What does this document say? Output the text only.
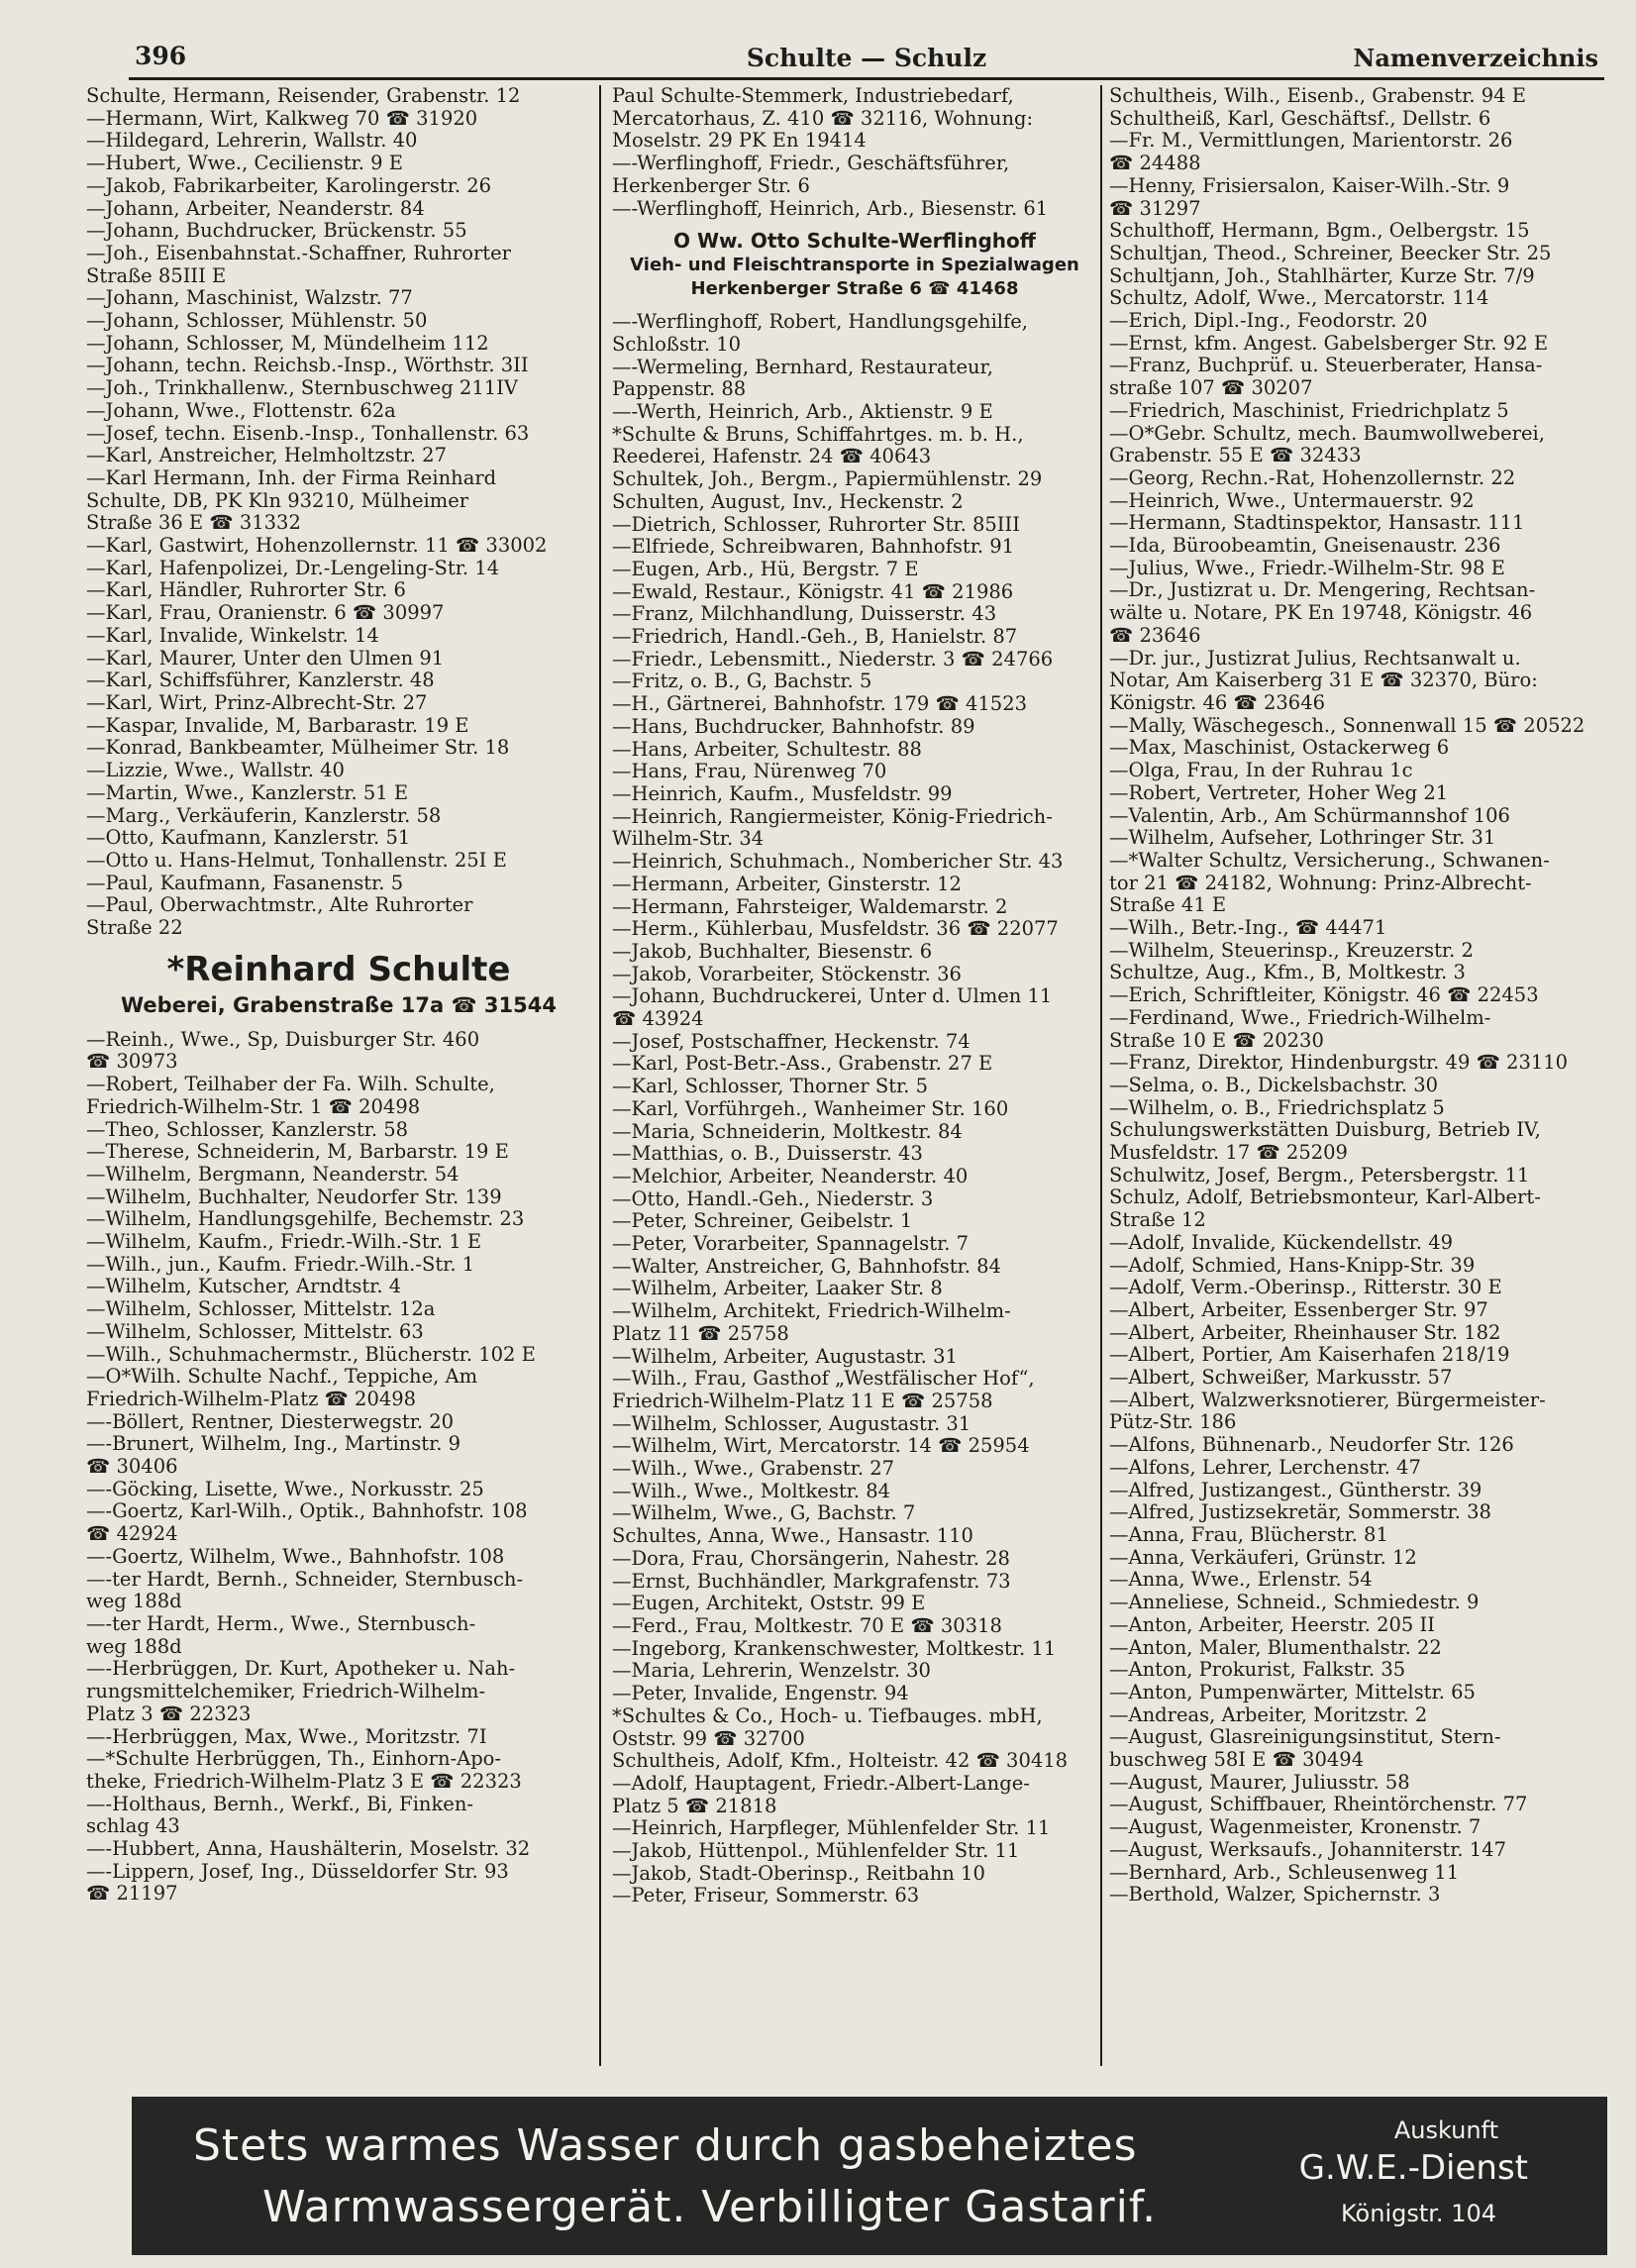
396	Schulte — Schulz	Namenverzeichnis
Schulte, Hermann, Reisender, Grabenstr. 12
—Hermann, Wirt, Kalkweg 70 ☎ 31920
—Hildegard, Lehrerin, Wallstr. 40
—Hubert, Wwe., Cecilienstr. 9 E
—Jakob, Fabrikarbeiter, Karolingerstr. 26
—Johann, Arbeiter, Neanderstr. 84
—Johann, Buchdrucker, Brückenstr. 55
—Joh., Eisenbahnstat.-Schaffner, Ruhrorter
Straße 85III E
—Johann, Maschinist, Walzstr. 77
—Johann, Schlosser, Mühlenstr. 50
—Johann, Schlosser, M, Mündelheim 112
—Johann, techn. Reichsb.-Insp., Wörthstr. 3II
—Joh., Trinkhallenw., Sternbuschweg 211IV
—Johann, Wwe., Flottenstr. 62a
—Josef, techn. Eisenb.-Insp., Tonhallenstr. 63
—Karl, Anstreicher, Helmholtzstr. 27
—Karl Hermann, Inh. der Firma Reinhard
Schulte, DB, PK Kln 93210, Mülheimer
Straße 36 E ☎ 31332
—Karl, Gastwirt, Hohenzollernstr. 11 ☎ 33002
—Karl, Hafenpolizei, Dr.-Lengeling-Str. 14
—Karl, Händler, Ruhrorter Str. 6
—Karl, Frau, Oranienstr. 6 ☎ 30997
—Karl, Invalide, Winkelstr. 14
—Karl, Maurer, Unter den Ulmen 91
—Karl, Schiffsführer, Kanzlerstr. 48
—Karl, Wirt, Prinz-Albrecht-Str. 27
—Kaspar, Invalide, M, Barbarastr. 19 E
—Konrad, Bankbeamter, Mülheimer Str. 18
—Lizzie, Wwe., Wallstr. 40
—Martin, Wwe., Kanzlerstr. 51 E
—Marg., Verkäuferin, Kanzlerstr. 58
—Otto, Kaufmann, Kanzlerstr. 51
—Otto u. Hans-Helmut, Tonhallenstr. 25I E
—Paul, Kaufmann, Fasanenstr. 5
—Paul, Oberwachtmstr., Alte Ruhrorter
Straße 22
*Reinhard Schulte
Weberei, Grabenstraße 17a ☎ 31544
—Reinh., Wwe., Sp, Duisburger Str. 460
☎ 30973
—Robert, Teilhaber der Fa. Wilh. Schulte,
Friedrich-Wilhelm-Str. 1 ☎ 20498
—Theo, Schlosser, Kanzlerstr. 58
—Therese, Schneiderin, M, Barbarstr. 19 E
—Wilhelm, Bergmann, Neanderstr. 54
—Wilhelm, Buchhalter, Neudorfer Str. 139
—Wilhelm, Handlungsgehilfe, Bechemstr. 23
—Wilhelm, Kaufm., Friedr.-Wilh.-Str. 1 E
—Wilh., jun., Kaufm. Friedr.-Wilh.-Str. 1
—Wilhelm, Kutscher, Arndtstr. 4
—Wilhelm, Schlosser, Mittelstr. 12a
—Wilhelm, Schlosser, Mittelstr. 63
—Wilh., Schuhmachermstr., Blücherstr. 102 E
—O*Wilh. Schulte Nachf., Teppiche, Am
Friedrich-Wilhelm-Platz ☎ 20498
—-Böllert, Rentner, Diesterwegstr. 20
—-Brunert, Wilhelm, Ing., Martinstr. 9
☎ 30406
—-Göcking, Lisette, Wwe., Norkusstr. 25
—-Goertz, Karl-Wilh., Optik., Bahnhofstr. 108
☎ 42924
—-Goertz, Wilhelm, Wwe., Bahnhofstr. 108
—-ter Hardt, Bernh., Schneider, Sternbusch-
weg 188d
—-ter Hardt, Herm., Wwe., Sternbusch-
weg 188d
—-Herbrüggen, Dr. Kurt, Apotheker u. Nah-
rungsmittelchemiker, Friedrich-Wilhelm-
Platz 3 ☎ 22323
—-Herbrüggen, Max, Wwe., Moritzstr. 7I
—*Schulte Herbrüggen, Th., Einhorn-Apo-
theke, Friedrich-Wilhelm-Platz 3 E ☎ 22323
—-Holthaus, Bernh., Werkf., Bi, Finken-
schlag 43
—-Hubbert, Anna, Haushälterin, Moselstr. 32
—-Lippern, Josef, Ing., Düsseldorfer Str. 93
☎ 21197
Paul Schulte-Stemmerk, Industriebedarf,
Mercatorhaus, Z. 410 ☎ 32116, Wohnung:
Moselstr. 29 PK En 19414
—-Werflinghoff, Friedr., Geschäftsführer,
Herkenberger Str. 6
—-Werflinghoff, Heinrich, Arb., Biesenstr. 61
O Ww. Otto Schulte-Werflinghoff
Vieh- und Fleischtransporte in Spezialwagen
Herkenberger Straße 6 ☎ 41468
—-Werflinghoff, Robert, Handlungsgehilfe,
Schloßstr. 10
—-Wermeling, Bernhard, Restaurateur,
Pappenstr. 88
—-Werth, Heinrich, Arb., Aktienstr. 9 E
*Schulte & Bruns, Schiffahrtges. m. b. H.,
Reederei, Hafenstr. 24 ☎ 40643
Schultek, Joh., Bergm., Papiermühlenstr. 29
Schulten, August, Inv., Heckenstr. 2
—Dietrich, Schlosser, Ruhrorter Str. 85III
—Elfriede, Schreibwaren, Bahnhofstr. 91
—Eugen, Arb., Hü, Bergstr. 7 E
—Ewald, Restaur., Königstr. 41 ☎ 21986
—Franz, Milchhandlung, Duisserstr. 43
—Friedrich, Handl.-Geh., B, Hanielstr. 87
—Friedr., Lebensmitt., Niederstr. 3 ☎ 24766
—Fritz, o. B., G, Bachstr. 5
—H., Gärtnerei, Bahnhofstr. 179 ☎ 41523
—Hans, Buchdrucker, Bahnhofstr. 89
—Hans, Arbeiter, Schultestr. 88
—Hans, Frau, Nürenweg 70
—Heinrich, Kaufm., Musfeldstr. 99
—Heinrich, Rangiermeister, König-Friedrich-
Wilhelm-Str. 34
—Heinrich, Schuhmach., Nombericher Str. 43
—Hermann, Arbeiter, Ginsterstr. 12
—Hermann, Fahrsteiger, Waldemarstr. 2
—Herm., Kühlerbau, Musfeldstr. 36 ☎ 22077
—Jakob, Buchhalter, Biesenstr. 6
—Jakob, Vorarbeiter, Stöckenstr. 36
—Johann, Buchdruckerei, Unter d. Ulmen 11
☎ 43924
—Josef, Postschaffner, Heckenstr. 74
—Karl, Post-Betr.-Ass., Grabenstr. 27 E
—Karl, Schlosser, Thorner Str. 5
—Karl, Vorführgeh., Wanheimer Str. 160
—Maria, Schneiderin, Moltkestr. 84
—Matthias, o. B., Duisserstr. 43
—Melchior, Arbeiter, Neanderstr. 40
—Otto, Handl.-Geh., Niederstr. 3
—Peter, Schreiner, Geibelstr. 1
—Peter, Vorarbeiter, Spannagelstr. 7
—Walter, Anstreicher, G, Bahnhofstr. 84
—Wilhelm, Arbeiter, Laaker Str. 8
—Wilhelm, Architekt, Friedrich-Wilhelm-
Platz 11 ☎ 25758
—Wilhelm, Arbeiter, Augustastr. 31
—Wilh., Frau, Gasthof „Westfälischer Hof“,
Friedrich-Wilhelm-Platz 11 E ☎ 25758
—Wilhelm, Schlosser, Augustastr. 31
—Wilhelm, Wirt, Mercatorstr. 14 ☎ 25954
—Wilh., Wwe., Grabenstr. 27
—Wilh., Wwe., Moltkestr. 84
—Wilhelm, Wwe., G, Bachstr. 7
Schultes, Anna, Wwe., Hansastr. 110
—Dora, Frau, Chorsängerin, Nahestr. 28
—Ernst, Buchhändler, Markgrafenstr. 73
—Eugen, Architekt, Oststr. 99 E
—Ferd., Frau, Moltkestr. 70 E ☎ 30318
—Ingeborg, Krankenschwester, Moltkestr. 11
—Maria, Lehrerin, Wenzelstr. 30
—Peter, Invalide, Engenstr. 94
*Schultes & Co., Hoch- u. Tiefbauges. mbH,
Oststr. 99 ☎ 32700
Schultheis, Adolf, Kfm., Holteistr. 42 ☎ 30418
—Adolf, Hauptagent, Friedr.-Albert-Lange-
Platz 5 ☎ 21818
—Heinrich, Harpfleger, Mühlenfelder Str. 11
—Jakob, Hüttenpol., Mühlenfelder Str. 11
—Jakob, Stadt-Oberinsp., Reitbahn 10
—Peter, Friseur, Sommerstr. 63
Schultheis, Wilh., Eisenb., Grabenstr. 94 E
Schultheiß, Karl, Geschäftsf., Dellstr. 6
—Fr. M., Vermittlungen, Marientorstr. 26
☎ 24488
—Henny, Frisiersalon, Kaiser-Wilh.-Str. 9
☎ 31297
Schulthoff, Hermann, Bgm., Oelbergstr. 15
Schultjan, Theod., Schreiner, Beecker Str. 25
Schultjann, Joh., Stahlhärter, Kurze Str. 7/9
Schultz, Adolf, Wwe., Mercatorstr. 114
—Erich, Dipl.-Ing., Feodorstr. 20
—Ernst, kfm. Angest. Gabelsberger Str. 92 E
—Franz, Buchprüf. u. Steuerberater, Hansa-
straße 107 ☎ 30207
—Friedrich, Maschinist, Friedrichplatz 5
—O*Gebr. Schultz, mech. Baumwollweberei,
Grabenstr. 55 E ☎ 32433
—Georg, Rechn.-Rat, Hohenzollernstr. 22
—Heinrich, Wwe., Untermauerstr. 92
—Hermann, Stadtinspektor, Hansastr. 111
—Ida, Büroobeamtin, Gneisenaustr. 236
—Julius, Wwe., Friedr.-Wilhelm-Str. 98 E
—Dr., Justizrat u. Dr. Mengering, Rechtsan-
wälte u. Notare, PK En 19748, Königstr. 46
☎ 23646
—Dr. jur., Justizrat Julius, Rechtsanwalt u.
Notar, Am Kaiserberg 31 E ☎ 32370, Büro:
Königstr. 46 ☎ 23646
—Mally, Wäschegesch., Sonnenwall 15 ☎ 20522
—Max, Maschinist, Ostackerweg 6
—Olga, Frau, In der Ruhrau 1c
—Robert, Vertreter, Hoher Weg 21
—Valentin, Arb., Am Schürmannshof 106
—Wilhelm, Aufseher, Lothringer Str. 31
—*Walter Schultz, Versicherung., Schwanen-
tor 21 ☎ 24182, Wohnung: Prinz-Albrecht-
Straße 41 E
—Wilh., Betr.-Ing., ☎ 44471
—Wilhelm, Steuerinsp., Kreuzerstr. 2
Schultze, Aug., Kfm., B, Moltkestr. 3
—Erich, Schriftleiter, Königstr. 46 ☎ 22453
—Ferdinand, Wwe., Friedrich-Wilhelm-
Straße 10 E ☎ 20230
—Franz, Direktor, Hindenburgstr. 49 ☎ 23110
—Selma, o. B., Dickelsbachstr. 30
—Wilhelm, o. B., Friedrichsplatz 5
Schulungswerkstätten Duisburg, Betrieb IV,
Musfeldstr. 17 ☎ 25209
Schulwitz, Josef, Bergm., Petersbergstr. 11
Schulz, Adolf, Betriebsmonteur, Karl-Albert-
Straße 12
—Adolf, Invalide, Kückendellstr. 49
—Adolf, Schmied, Hans-Knipp-Str. 39
—Adolf, Verm.-Oberinsp., Ritterstr. 30 E
—Albert, Arbeiter, Essenberger Str. 97
—Albert, Arbeiter, Rheinhauser Str. 182
—Albert, Portier, Am Kaiserhafen 218/19
—Albert, Schweißer, Markusstr. 57
—Albert, Walzwerksnotierer, Bürgermeister-
Pütz-Str. 186
—Alfons, Bühnenarb., Neudorfer Str. 126
—Alfons, Lehrer, Lerchenstr. 47
—Alfred, Justizangest., Güntherstr. 39
—Alfred, Justizsekretär, Sommerstr. 38
—Anna, Frau, Blücherstr. 81
—Anna, Verkäuferi, Grünstr. 12
—Anna, Wwe., Erlenstr. 54
—Anneliese, Schneid., Schmiedestr. 9
—Anton, Arbeiter, Heerstr. 205 II
—Anton, Maler, Blumenthalstr. 22
—Anton, Prokurist, Falkstr. 35
—Anton, Pumpenwärter, Mittelstr. 65
—Andreas, Arbeiter, Moritzstr. 2
—August, Glasreinigungsinstitut, Stern-
buschweg 58I E ☎ 30494
—August, Maurer, Juliusstr. 58
—August, Schiffbauer, Rheintörchenstr. 77
—August, Wagenmeister, Kronenstr. 7
—August, Werksaufs., Johanniterstr. 147
—Bernhard, Arb., Schleusenweg 11
—Berthold, Walzer, Spichernstr. 3
Stets warmes Wasser durch gasbeheiztes
Warmwassergerät. Verbilligter Gastarif.
Auskunft
G.W.E.-Dienst
Königstr. 104
